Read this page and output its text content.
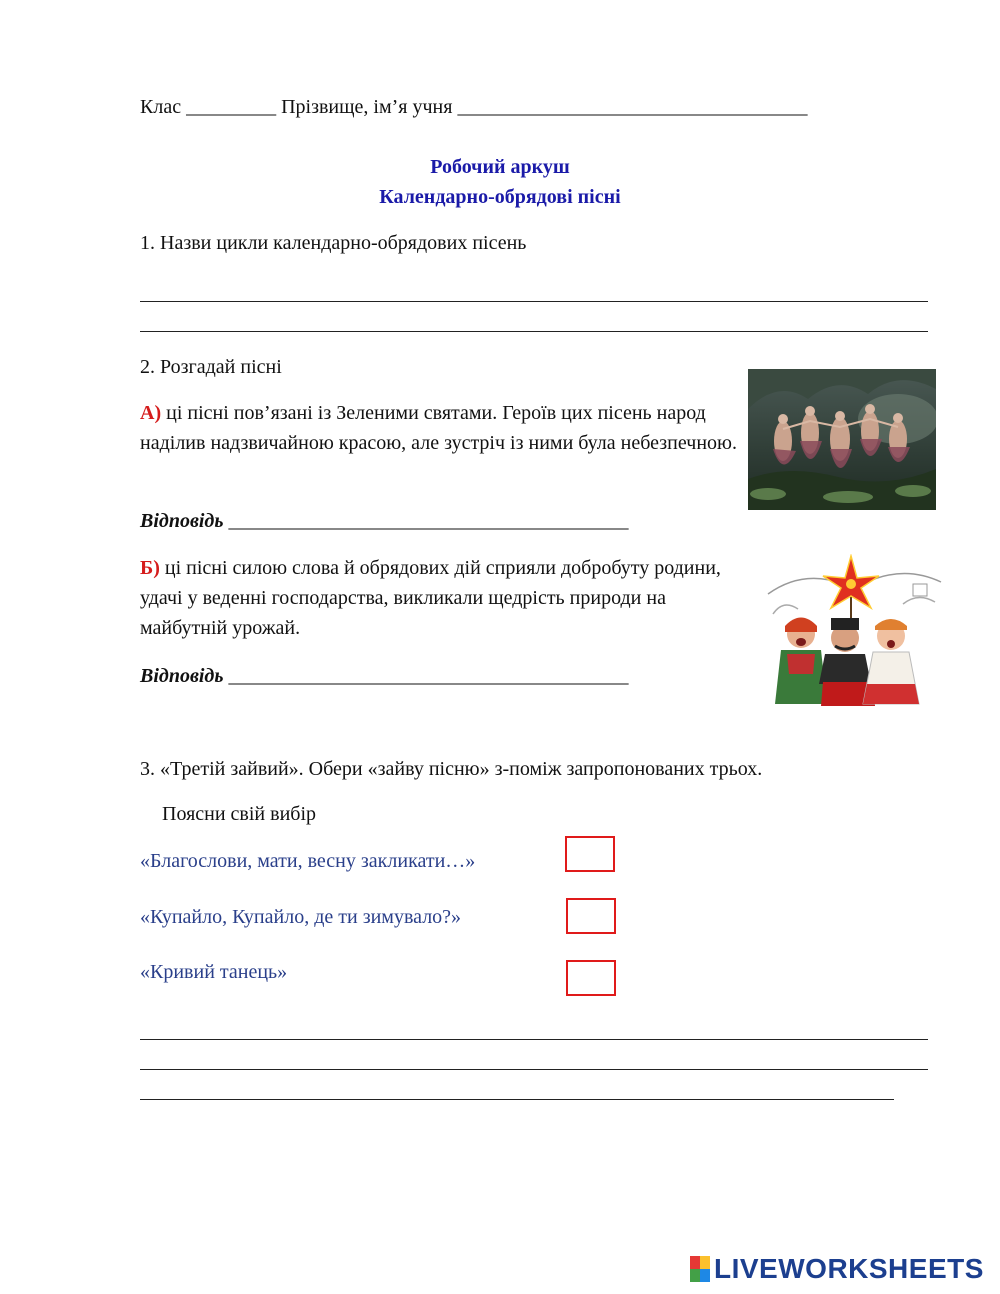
Клас _________ Прізвище, ім’я учня ___________________________________
Робочий аркуш
Календарно-обрядові пісні
1. Назви цикли календарно-обрядових пісень
2. Розгадай пісні
А) ці пісні пов’язані із Зеленими святами. Героїв цих пісень народ наділив надзвичайною красою, але зустріч із ними була небезпечною.
Відповідь ________________________________________
Б) ці пісні силою слова й обрядових дій сприяли добробуту родини, удачі у веденні господарства, викликали щедрість природи на майбутній урожай.
Відповідь ________________________________________
3. «Третій зайвий». Обери «зайву пісню» з-поміж запропонованих трьох.
Поясни свій вибір
«Благослови, мати, весну закликати…»
«Купайло, Купайло, де ти зимувало?»
«Кривий танець»
LIVEWORKSHEETS
